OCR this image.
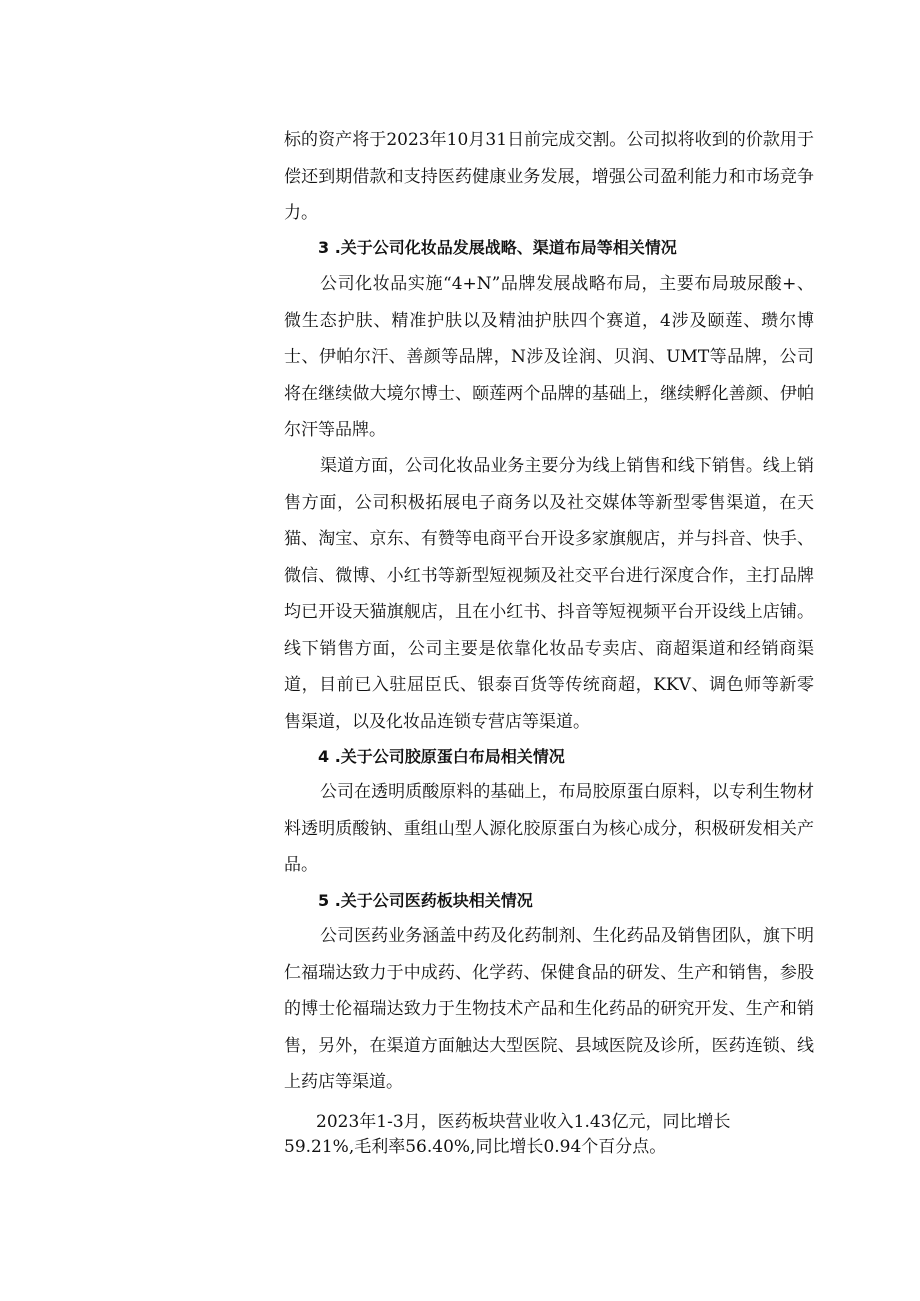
标的资产将于2023年10月31日前完成交割。公司拟将收到的价款用于偿还到期借款和支持医药健康业务发展，增强公司盈利能力和市场竞争力。

3 .关于公司化妆品发展战略、渠道布局等相关情况

公司化妆品实施“4+N”品牌发展战略布局，主要布局玻尿酸+、微生态护肤、精准护肤以及精油护肤四个赛道，4涉及颐莲、瓒尔博士、伊帕尔汗、善颜等品牌，N涉及诠润、贝润、UMT等品牌，公司将在继续做大境尔博士、颐莲两个品牌的基础上，继续孵化善颜、伊帕尔汗等品牌。

渠道方面，公司化妆品业务主要分为线上销售和线下销售。线上销售方面，公司积极拓展电子商务以及社交媒体等新型零售渠道，在天猫、淘宝、京东、有赞等电商平台开设多家旗舰店，并与抖音、快手、微信、微博、小红书等新型短视频及社交平台进行深度合作，主打品牌均已开设天猫旗舰店，且在小红书、抖音等短视频平台开设线上店铺。线下销售方面，公司主要是依靠化妆品专卖店、商超渠道和经销商渠道，目前已入驻屈臣氏、银泰百货等传统商超，KKV、调色师等新零售渠道，以及化妆品连锁专营店等渠道。

4 .关于公司胶原蛋白布局相关情况

公司在透明质酸原料的基础上，布局胶原蛋白原料，以专利生物材料透明质酸钠、重组山型人源化胶原蛋白为核心成分，积极研发相关产品。

5 .关于公司医药板块相关情况

公司医药业务涵盖中药及化药制剂、生化药品及销售团队，旗下明仁福瑞达致力于中成药、化学药、保健食品的研发、生产和销售，参股的博士伦福瑞达致力于生物技术产品和生化药品的研究开发、生产和销售，另外，在渠道方面触达大型医院、县域医院及诊所，医药连锁、线上药店等渠道。

2023年1-3月，医药板块营业收入1.43亿元，同比增长
59.21%,毛利率56.40%,同比增长0.94个百分点。
